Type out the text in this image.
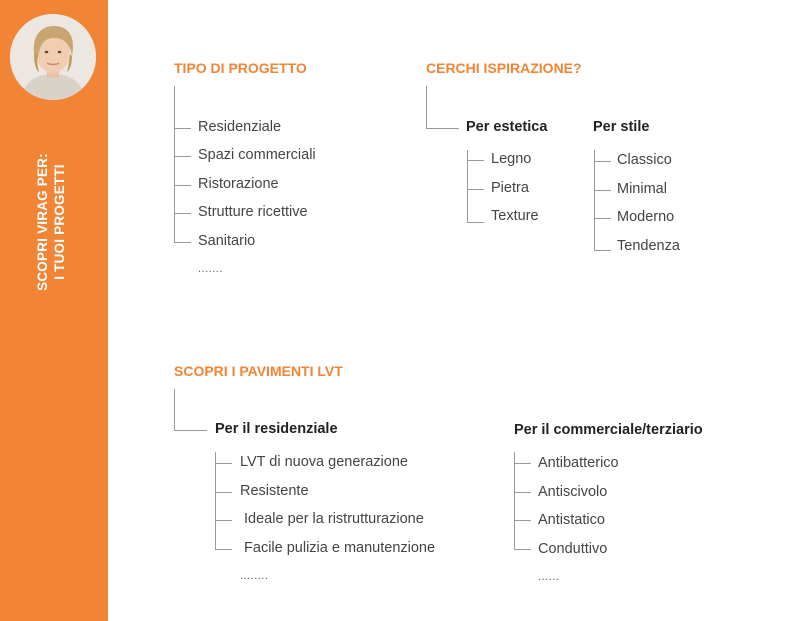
SCOPRI VIRAG PER: I TUOI PROGETTI
TIPO DI PROGETTO
Residenziale
Spazi commerciali
Ristorazione
Strutture ricettive
Sanitario
.......
CERCHI ISPIRAZIONE?
Per estetica	Per stile
Legno
Pietra
Texture
Classico
Minimal
Moderno
Tendenza
SCOPRI I PAVIMENTI LVT
Per il residenziale	Per il commerciale/terziario
LVT di nuova generazione
Resistente
Ideale per la ristrutturazione
Facile pulizia e manutenzione
........
Antibatterico
Antiscivolo
Antistatico
Conduttivo
......
